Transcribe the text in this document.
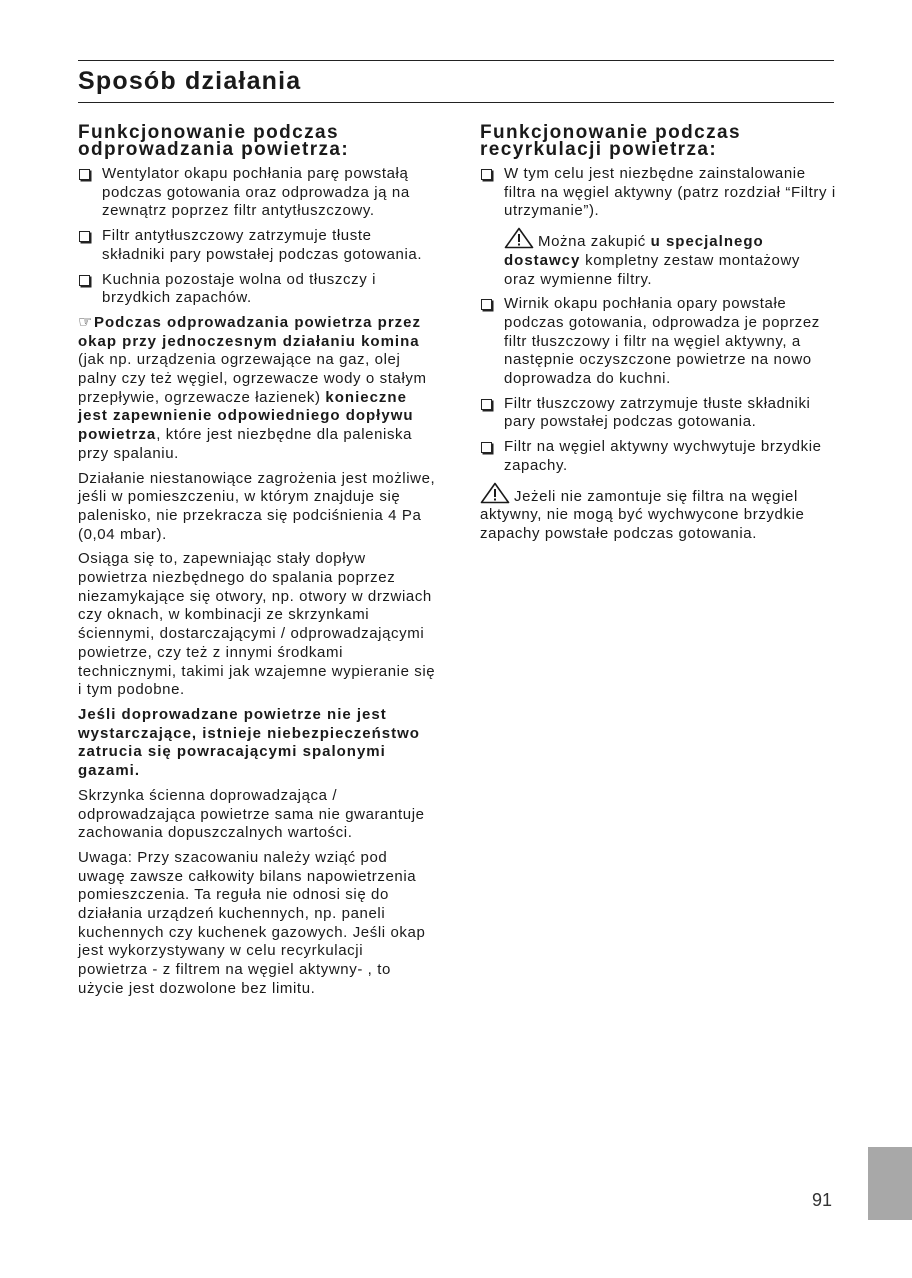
Sposób działania
Funkcjonowanie podczas
odprowadzania powietrza:
Wentylator okapu pochłania parę powstałą podczas gotowania oraz odprowadza ją na zewnątrz poprzez filtr antytłuszczowy.
Filtr antytłuszczowy zatrzymuje tłuste składniki pary powstałej podczas gotowania.
Kuchnia pozostaje wolna od tłuszczy i brzydkich zapachów.

☞Podczas odprowadzania powietrza przez okap przy jednoczesnym działaniu komina (jak np. urządzenia ogrzewające na gaz, olej palny czy też węgiel, ogrzewacze wody o stałym przepływie, ogrzewacze łazienek) konieczne jest zapewnienie odpowiedniego dopływu powietrza, które jest niezbędne dla paleniska przy spalaniu.

Działanie niestanowiące zagrożenia jest możliwe, jeśli w pomieszczeniu, w którym znajduje się palenisko, nie przekracza się podciśnienia 4 Pa (0,04 mbar).

Osiąga się to, zapewniając stały dopływ powietrza niezbędnego do spalania poprzez niezamykające się otwory, np. otwory w drzwiach czy oknach, w kombinacji ze skrzynkami ściennymi, dostarczającymi / odprowadzającymi powietrze, czy też z innymi środkami technicznymi, takimi jak wzajemne wypieranie się i tym podobne.

Jeśli doprowadzane powietrze nie jest wystarczające, istnieje niebezpieczeństwo zatrucia się powracającymi spalonymi gazami.

Skrzynka ścienna doprowadzająca / odprowadzająca powietrze sama nie gwarantuje zachowania dopuszczalnych wartości.

Uwaga: Przy szacowaniu należy wziąć pod uwagę zawsze całkowity bilans napowietrzenia pomieszczenia. Ta reguła nie odnosi się do działania urządzeń kuchennych, np. paneli kuchennych czy kuchenek gazowych. Jeśli okap jest wykorzystywany w celu recyrkulacji powietrza - z filtrem na węgiel aktywny- , to użycie jest dozwolone bez limitu.

Funkcjonowanie podczas
recyrkulacji powietrza:
W tym celu jest niezbędne zainstalowanie filtra na węgiel aktywny (patrz rozdział “Filtry i utrzymanie”).

Można zakupić u specjalnego dostawcy kompletny zestaw montażowy oraz wymienne filtry.

Wirnik okapu pochłania opary powstałe podczas gotowania, odprowadza je poprzez filtr tłuszczowy i filtr na węgiel aktywny, a następnie oczyszczone powietrze na nowo doprowadza do kuchni.
Filtr tłuszczowy zatrzymuje tłuste składniki pary powstałej podczas gotowania.
Filtr na węgiel aktywny wychwytuje brzydkie zapachy.

Jeżeli nie zamontuje się filtra na węgiel aktywny, nie mogą być wychwycone brzydkie zapachy powstałe podczas gotowania.

91
